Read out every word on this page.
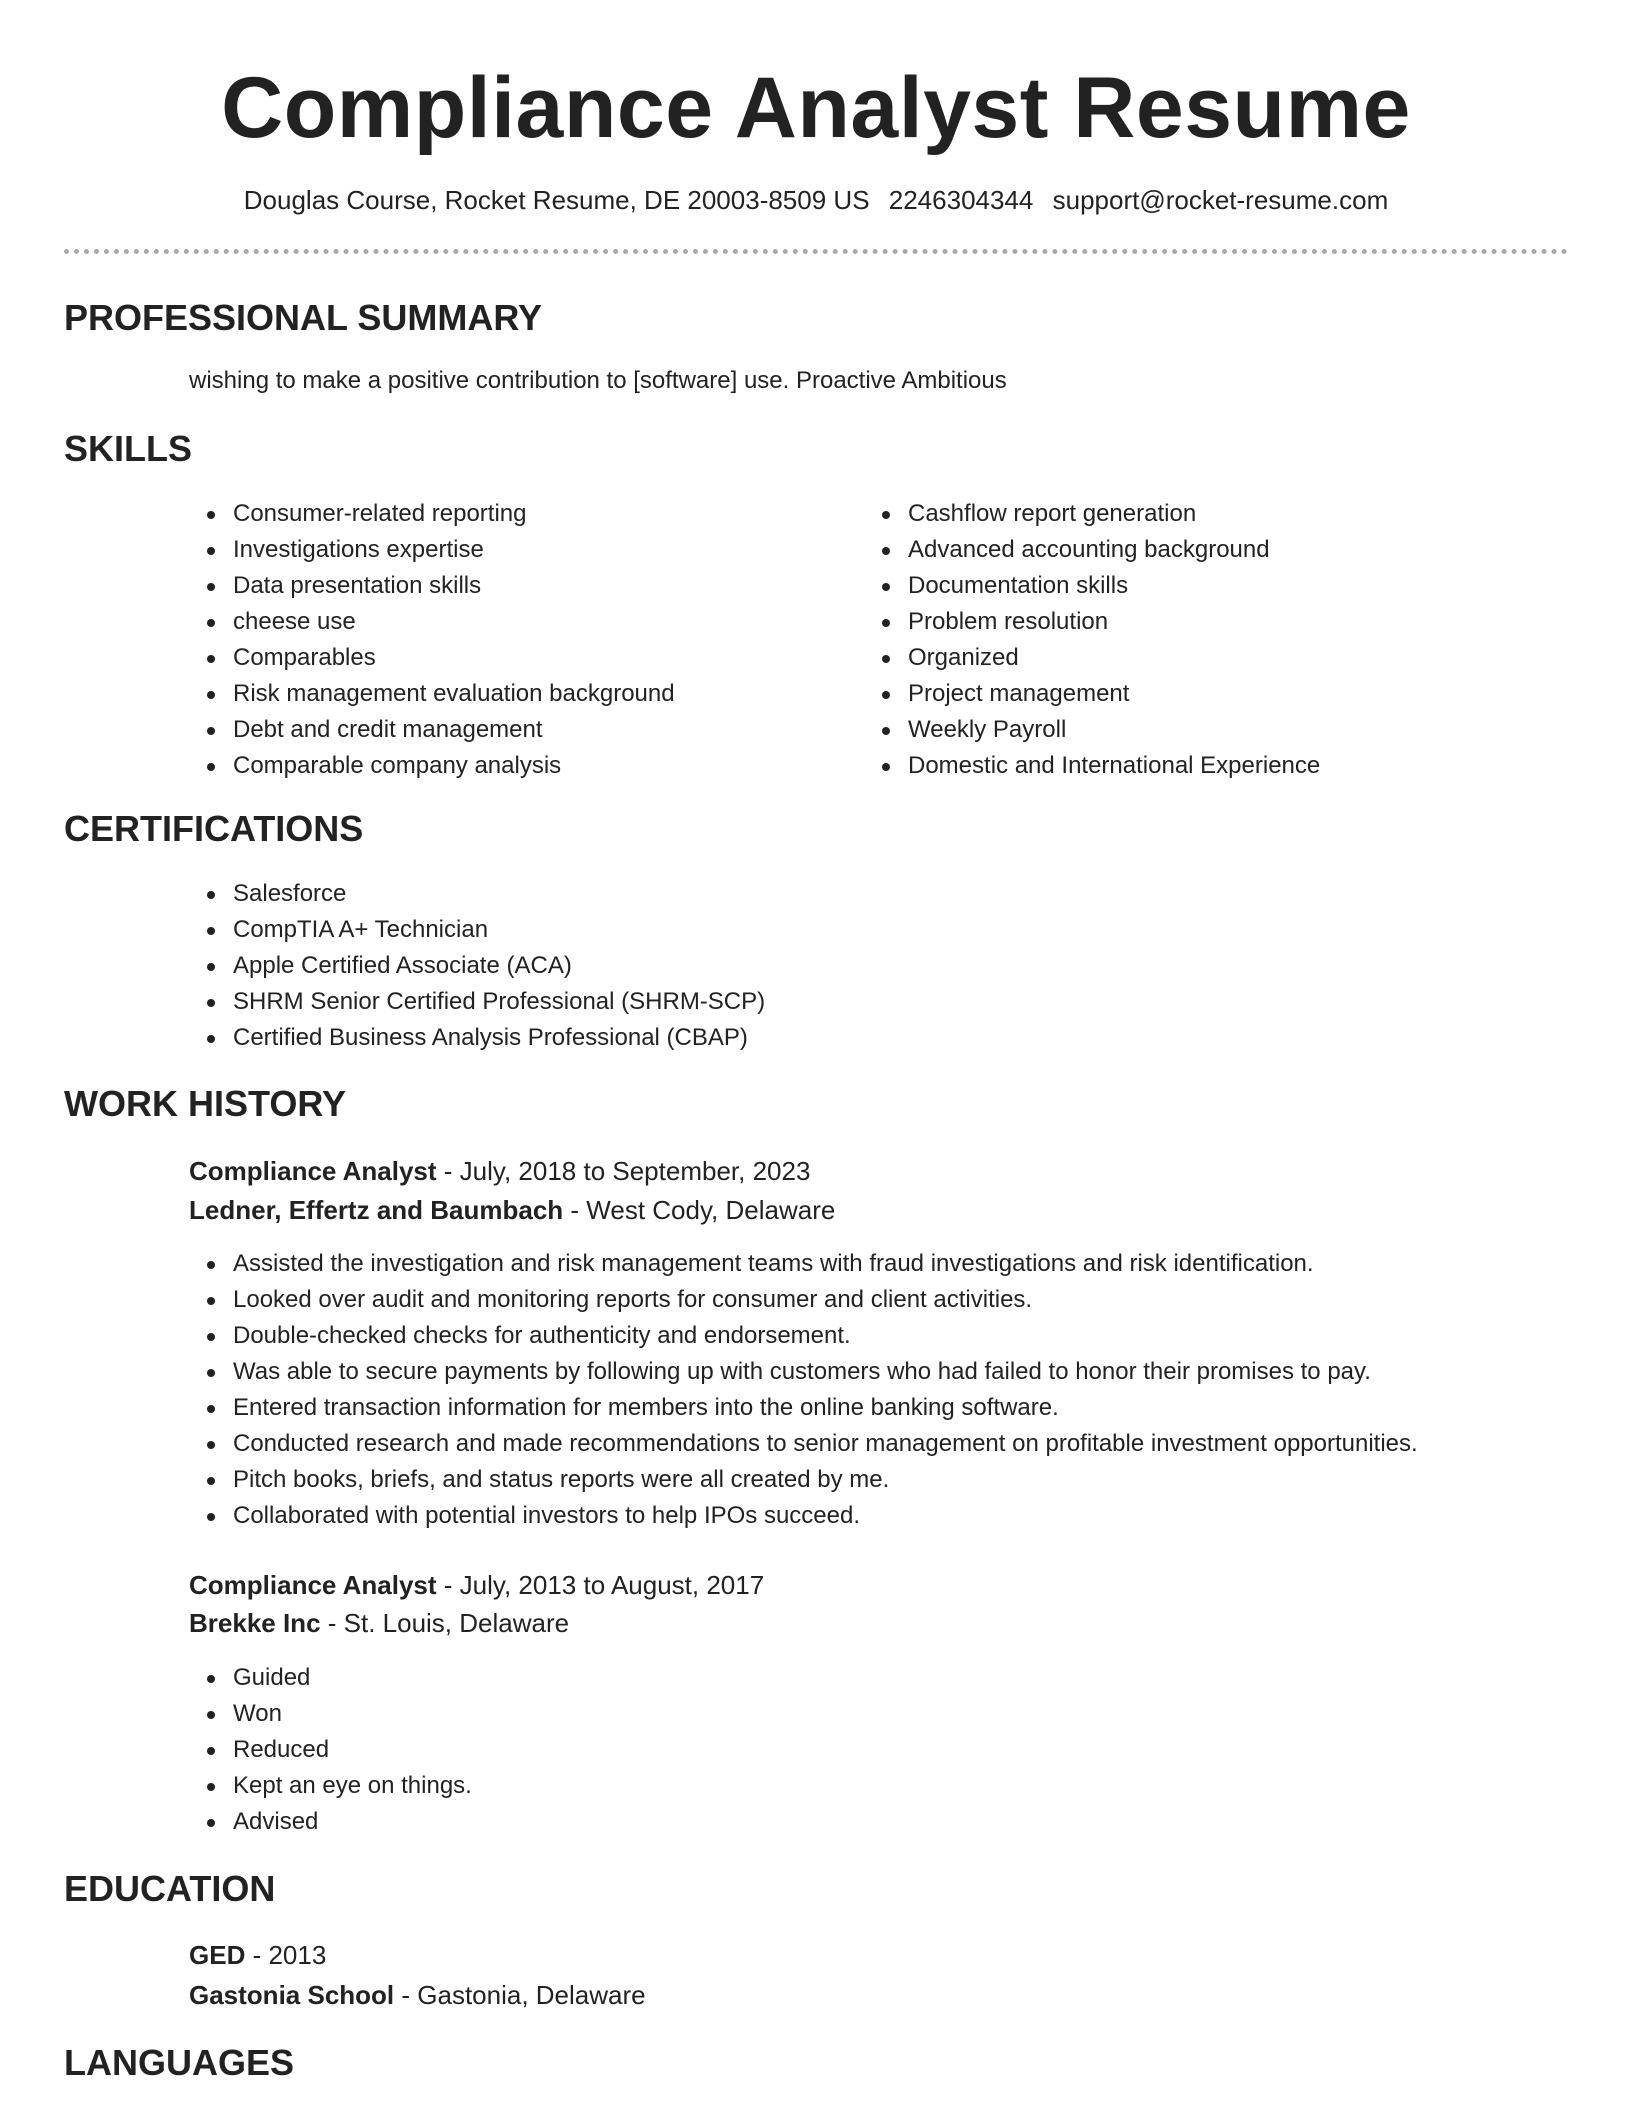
Compliance Analyst Resume
Douglas Course, Rocket Resume, DE 20003-8509 US 2246304344 support@rocket-resume.com
PROFESSIONAL SUMMARY

wishing to make a positive contribution to [software] use. Proactive Ambitious

SKILLS
Consumer-related reporting
Investigations expertise
Data presentation skills
cheese use
Comparables
Risk management evaluation background
Debt and credit management
Comparable company analysis
Cashflow report generation
Advanced accounting background
Documentation skills
Problem resolution
Organized
Project management
Weekly Payroll
Domestic and International Experience
CERTIFICATIONS
Salesforce
CompTIA A+ Technician
Apple Certified Associate (ACA)
SHRM Senior Certified Professional (SHRM-SCP)
Certified Business Analysis Professional (CBAP)
WORK HISTORY

Compliance Analyst - July, 2018 to September, 2023

Ledner, Effertz and Baumbach - West Cody, Delaware

Assisted the investigation and risk management teams with fraud investigations and risk identification.
Looked over audit and monitoring reports for consumer and client activities.
Double-checked checks for authenticity and endorsement.
Was able to secure payments by following up with customers who had failed to honor their promises to pay.
Entered transaction information for members into the online banking software.
Conducted research and made recommendations to senior management on profitable investment opportunities.
Pitch books, briefs, and status reports were all created by me.
Collaborated with potential investors to help IPOs succeed.

Compliance Analyst - July, 2013 to August, 2017

Brekke Inc - St. Louis, Delaware

Guided
Won
Reduced
Kept an eye on things.
Advised
EDUCATION

GED - 2013

Gastonia School - Gastonia, Delaware

LANGUAGES
